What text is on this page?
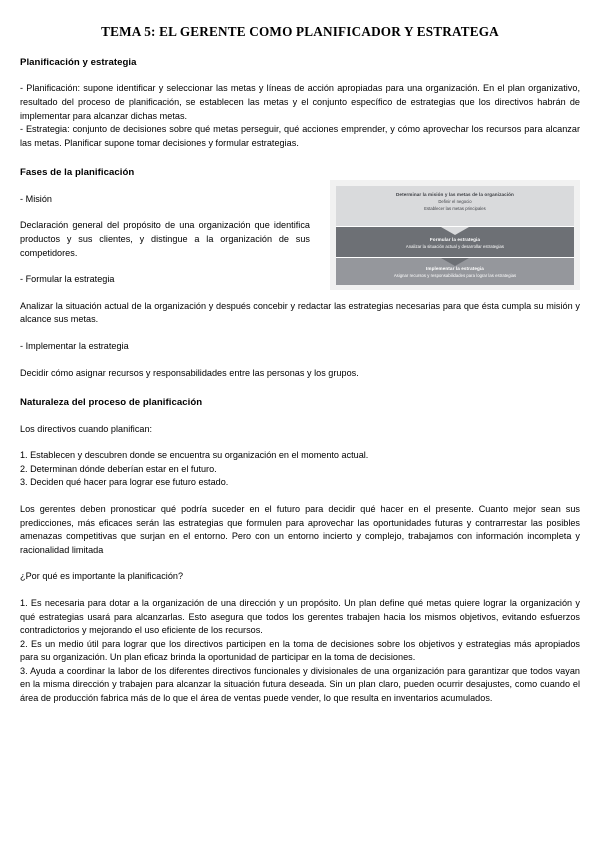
TEMA 5: EL GERENTE COMO PLANIFICADOR Y ESTRATEGA
Planificación y estrategia

- Planificación: supone identificar y seleccionar las metas y líneas de acción apropiadas para una organización. En el plan organizativo, resultado del proceso de planificación, se establecen las metas y el conjunto específico de estrategias que los directivos habrán de implementar para alcanzar dichas metas.

- Estrategia: conjunto de decisiones sobre qué metas perseguir, qué acciones emprender, y cómo aprovechar los recursos para alcanzar las metas. Planificar supone tomar decisiones y formular estrategias.

Fases de la planificación

Determinar la misión y las metas de la organización

Definir el negocio

Establecer las metas principales

Formular la estrategia

Analizar la situación actual y desarrollar estrategias

Implementar la estrategia

Asignar recursos y responsabilidades para lograr las estrategias

- Misión

Declaración general del propósito de una organización que identifica productos y sus clientes, y distingue a la organización de sus competidores.

- Formular la estrategia

Analizar la situación actual de la organización y después concebir y redactar las estrategias necesarias para que ésta cumpla su misión y alcance sus metas.

- Implementar la estrategia

Decidir cómo asignar recursos y responsabilidades entre las personas y los grupos.

Naturaleza del proceso de planificación

Los directivos cuando planifican:

1. Establecen y descubren donde se encuentra su organización en el momento actual.

2. Determinan dónde deberían estar en el futuro.

3. Deciden qué hacer para lograr ese futuro estado.

Los gerentes deben pronosticar qué podría suceder en el futuro para decidir qué hacer en el presente. Cuanto mejor sean sus predicciones, más eficaces serán las estrategias que formulen para aprovechar las oportunidades futuras y contrarrestar las posibles amenazas competitivas que surjan en el entorno. Pero con un entorno incierto y complejo, trabajamos con información incompleta y racionalidad limitada

¿Por qué es importante la planificación?

1. Es necesaria para dotar a la organización de una dirección y un propósito. Un plan define qué metas quiere lograr la organización y qué estrategias usará para alcanzarlas. Esto asegura que todos los gerentes trabajen hacia los mismos objetivos, evitando esfuerzos contradictorios y mejorando el uso eficiente de los recursos.

2. Es un medio útil para lograr que los directivos participen en la toma de decisiones sobre los objetivos y estrategias más apropiados para su organización. Un plan eficaz brinda la oportunidad de participar en la toma de decisiones.

3. Ayuda a coordinar la labor de los diferentes directivos funcionales y divisionales de una organización para garantizar que todos vayan en la misma dirección y trabajen para alcanzar la situación futura deseada. Sin un plan claro, pueden ocurrir desajustes, como cuando el área de producción fabrica más de lo que el área de ventas puede vender, lo que resulta en inventarios acumulados.
